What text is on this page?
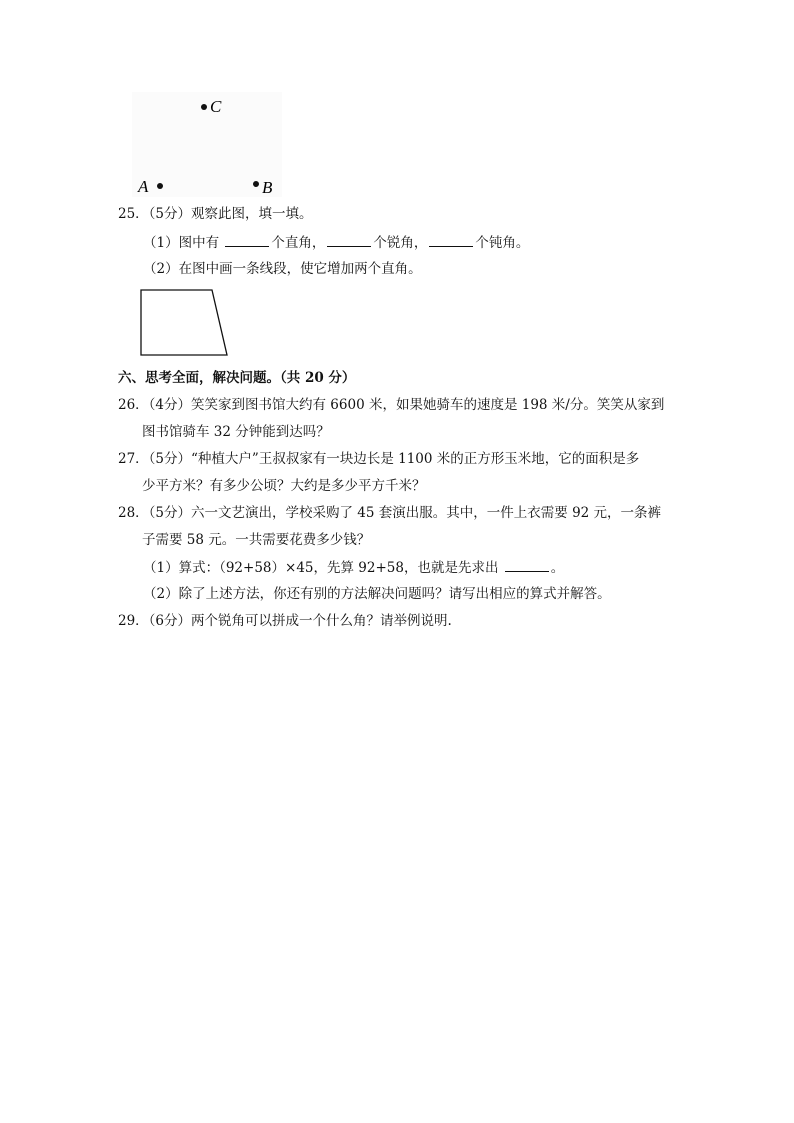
C
A	B
25．（5分）观察此图，填一填。
（1）图中有	个直角，	个锐角，	个钝角。
（2）在图中画一条线段，使它增加两个直角。
六、思考全面，解决问题。（共 20 分）
26．（4分）笑笑家到图书馆大约有 6600 米，如果她骑车的速度是 198 米/分。笑笑从家到
图书馆骑车 32 分钟能到达吗？
27．（5分）“种植大户”王叔叔家有一块边长是 1100 米的正方形玉米地，它的面积是多
少平方米？有多少公顷？大约是多少平方千米？
28．（5分）六一文艺演出，学校采购了 45 套演出服。其中，一件上衣需要 92 元，一条裤
子需要 58 元。一共需要花费多少钱？
（1）算式：（92+58）×45，先算 92+58，也就是先求出	。
（2）除了上述方法，你还有别的方法解决问题吗？请写出相应的算式并解答。
29．（6分）两个锐角可以拼成一个什么角？请举例说明.
